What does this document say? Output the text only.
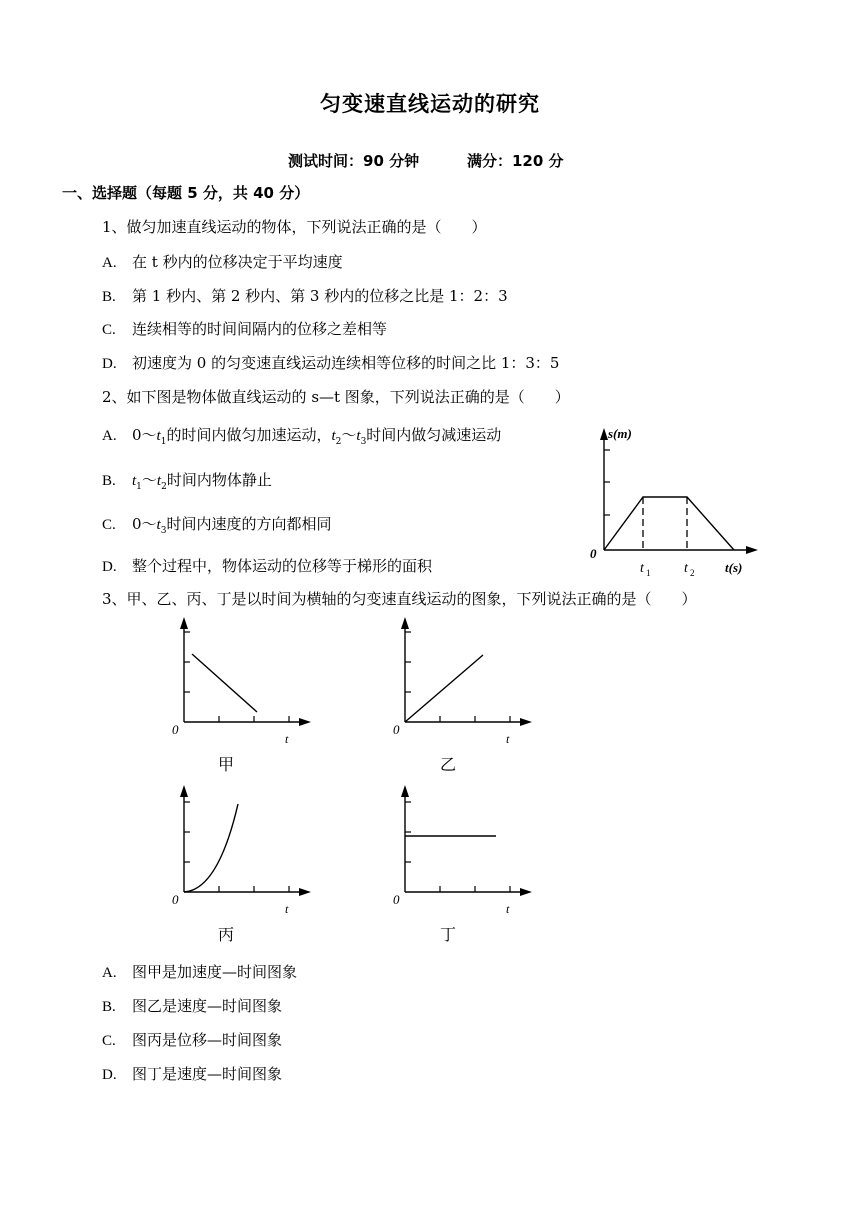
匀变速直线运动的研究
测试时间：90 分钟	满分：120 分
一、选择题（每题 5 分，共 40 分）
1、做匀加速直线运动的物体，下列说法正确的是（　　）
A. 在 t 秒内的位移决定于平均速度
B. 第 1 秒内、第 2 秒内、第 3 秒内的位移之比是 1：2：3
C. 连续相等的时间间隔内的位移之差相等
D. 初速度为 0 的匀变速直线运动连续相等位移的时间之比 1：3：5
2、如下图是物体做直线运动的 s—t 图象，下列说法正确的是（　　）
A. $0\sim t_1$的时间内做匀加速运动，$t_2\sim t_3$时间内做匀减速运动
B. $t_1\sim t_2$时间内物体静止
C. $0\sim t_3$时间内速度的方向都相同
D. 整个过程中，物体运动的位移等于梯形的面积
0
s(m)
t(s)
t 1 t 2
3、甲、乙、丙、丁是以时间为横轴的匀变速直线运动的图象，下列说法正确的是（　　）
0
t
甲
0
t
乙
0
t
丙
0
t
丁
A. 图甲是加速度—时间图象
B. 图乙是速度—时间图象
C. 图丙是位移—时间图象
D. 图丁是速度—时间图象
